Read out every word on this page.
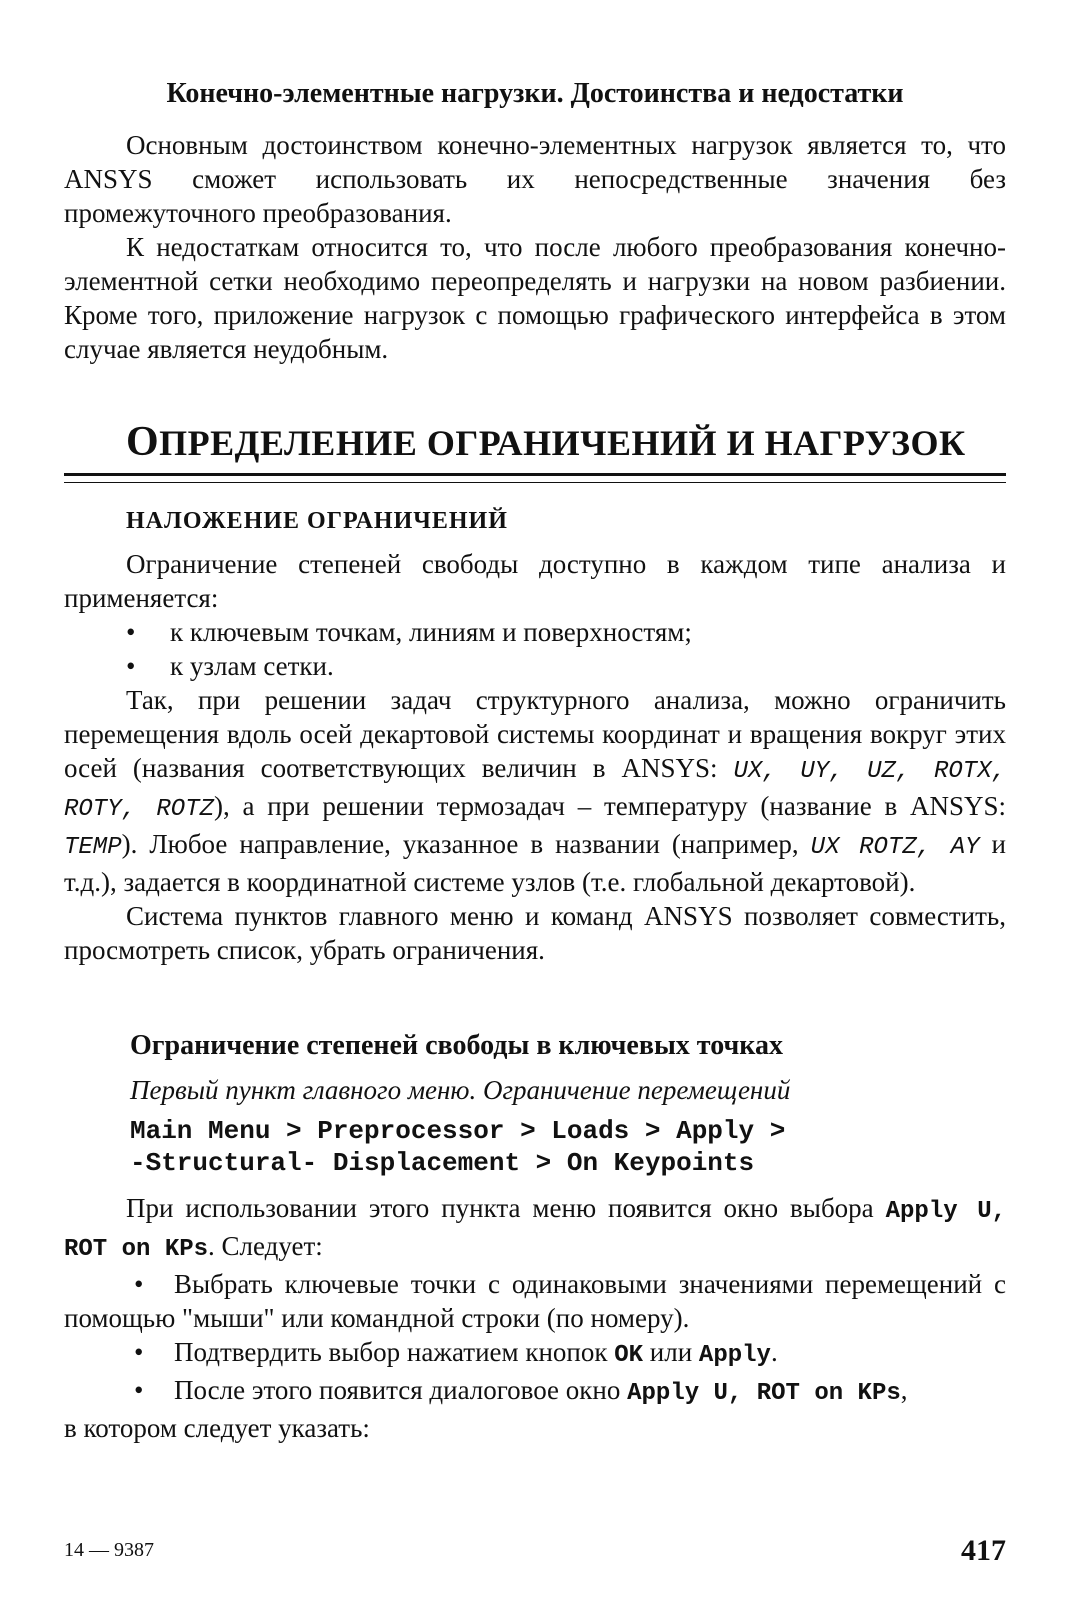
Конечно-элементные нагрузки. Достоинства и недостатки

Основным достоинством конечно-элементных нагрузок является то, что ANSYS сможет использовать их непосредственные значения без промежуточного преобразования.

К недостаткам относится то, что после любого преобразования конечно-элементной сетки необходимо переопределять и нагрузки на новом разбиении. Кроме того, приложение нагрузок с помощью графического интерфейса в этом случае является неудобным.

ОПРЕДЕЛЕНИЕ ОГРАНИЧЕНИЙ И НАГРУЗОК
НАЛОЖЕНИЕ ОГРАНИЧЕНИЙ

Ограничение степеней свободы доступно в каждом типе анализа и применяется:

• к ключевым точкам, линиям и поверхностям;
• к узлам сетки.

Так, при решении задач структурного анализа, можно ограничить перемещения вдоль осей декартовой системы координат и вращения вокруг этих осей (названия соответствующих величин в ANSYS: UX, UY, UZ, ROTX, ROTY, ROTZ), а при решении термозадач – температуру (название в ANSYS: TEMP). Любое направление, указанное в названии (например, UX ROTZ, AY и т.д.), задается в координатной системе узлов (т.е. глобальной декартовой).

Система пунктов главного меню и команд ANSYS позволяет совместить, просмотреть список, убрать ограничения.

Ограничение степеней свободы в ключевых точках
Первый пункт главного меню. Ограничение перемещений
Main Menu > Preprocessor > Loads > Apply >
-Structural- Displacement > On Keypoints

При использовании этого пункта меню появится окно выбора Apply U, ROT on KPs. Следует:

• Выбрать ключевые точки с одинаковыми значениями перемещений с помощью "мыши" или командной строки (по номеру).
• Подтвердить выбор нажатием кнопок OK или Apply.
• После этого появится диалоговое окно Apply U, ROT on KPs,

в котором следует указать:

14 — 9387	417
